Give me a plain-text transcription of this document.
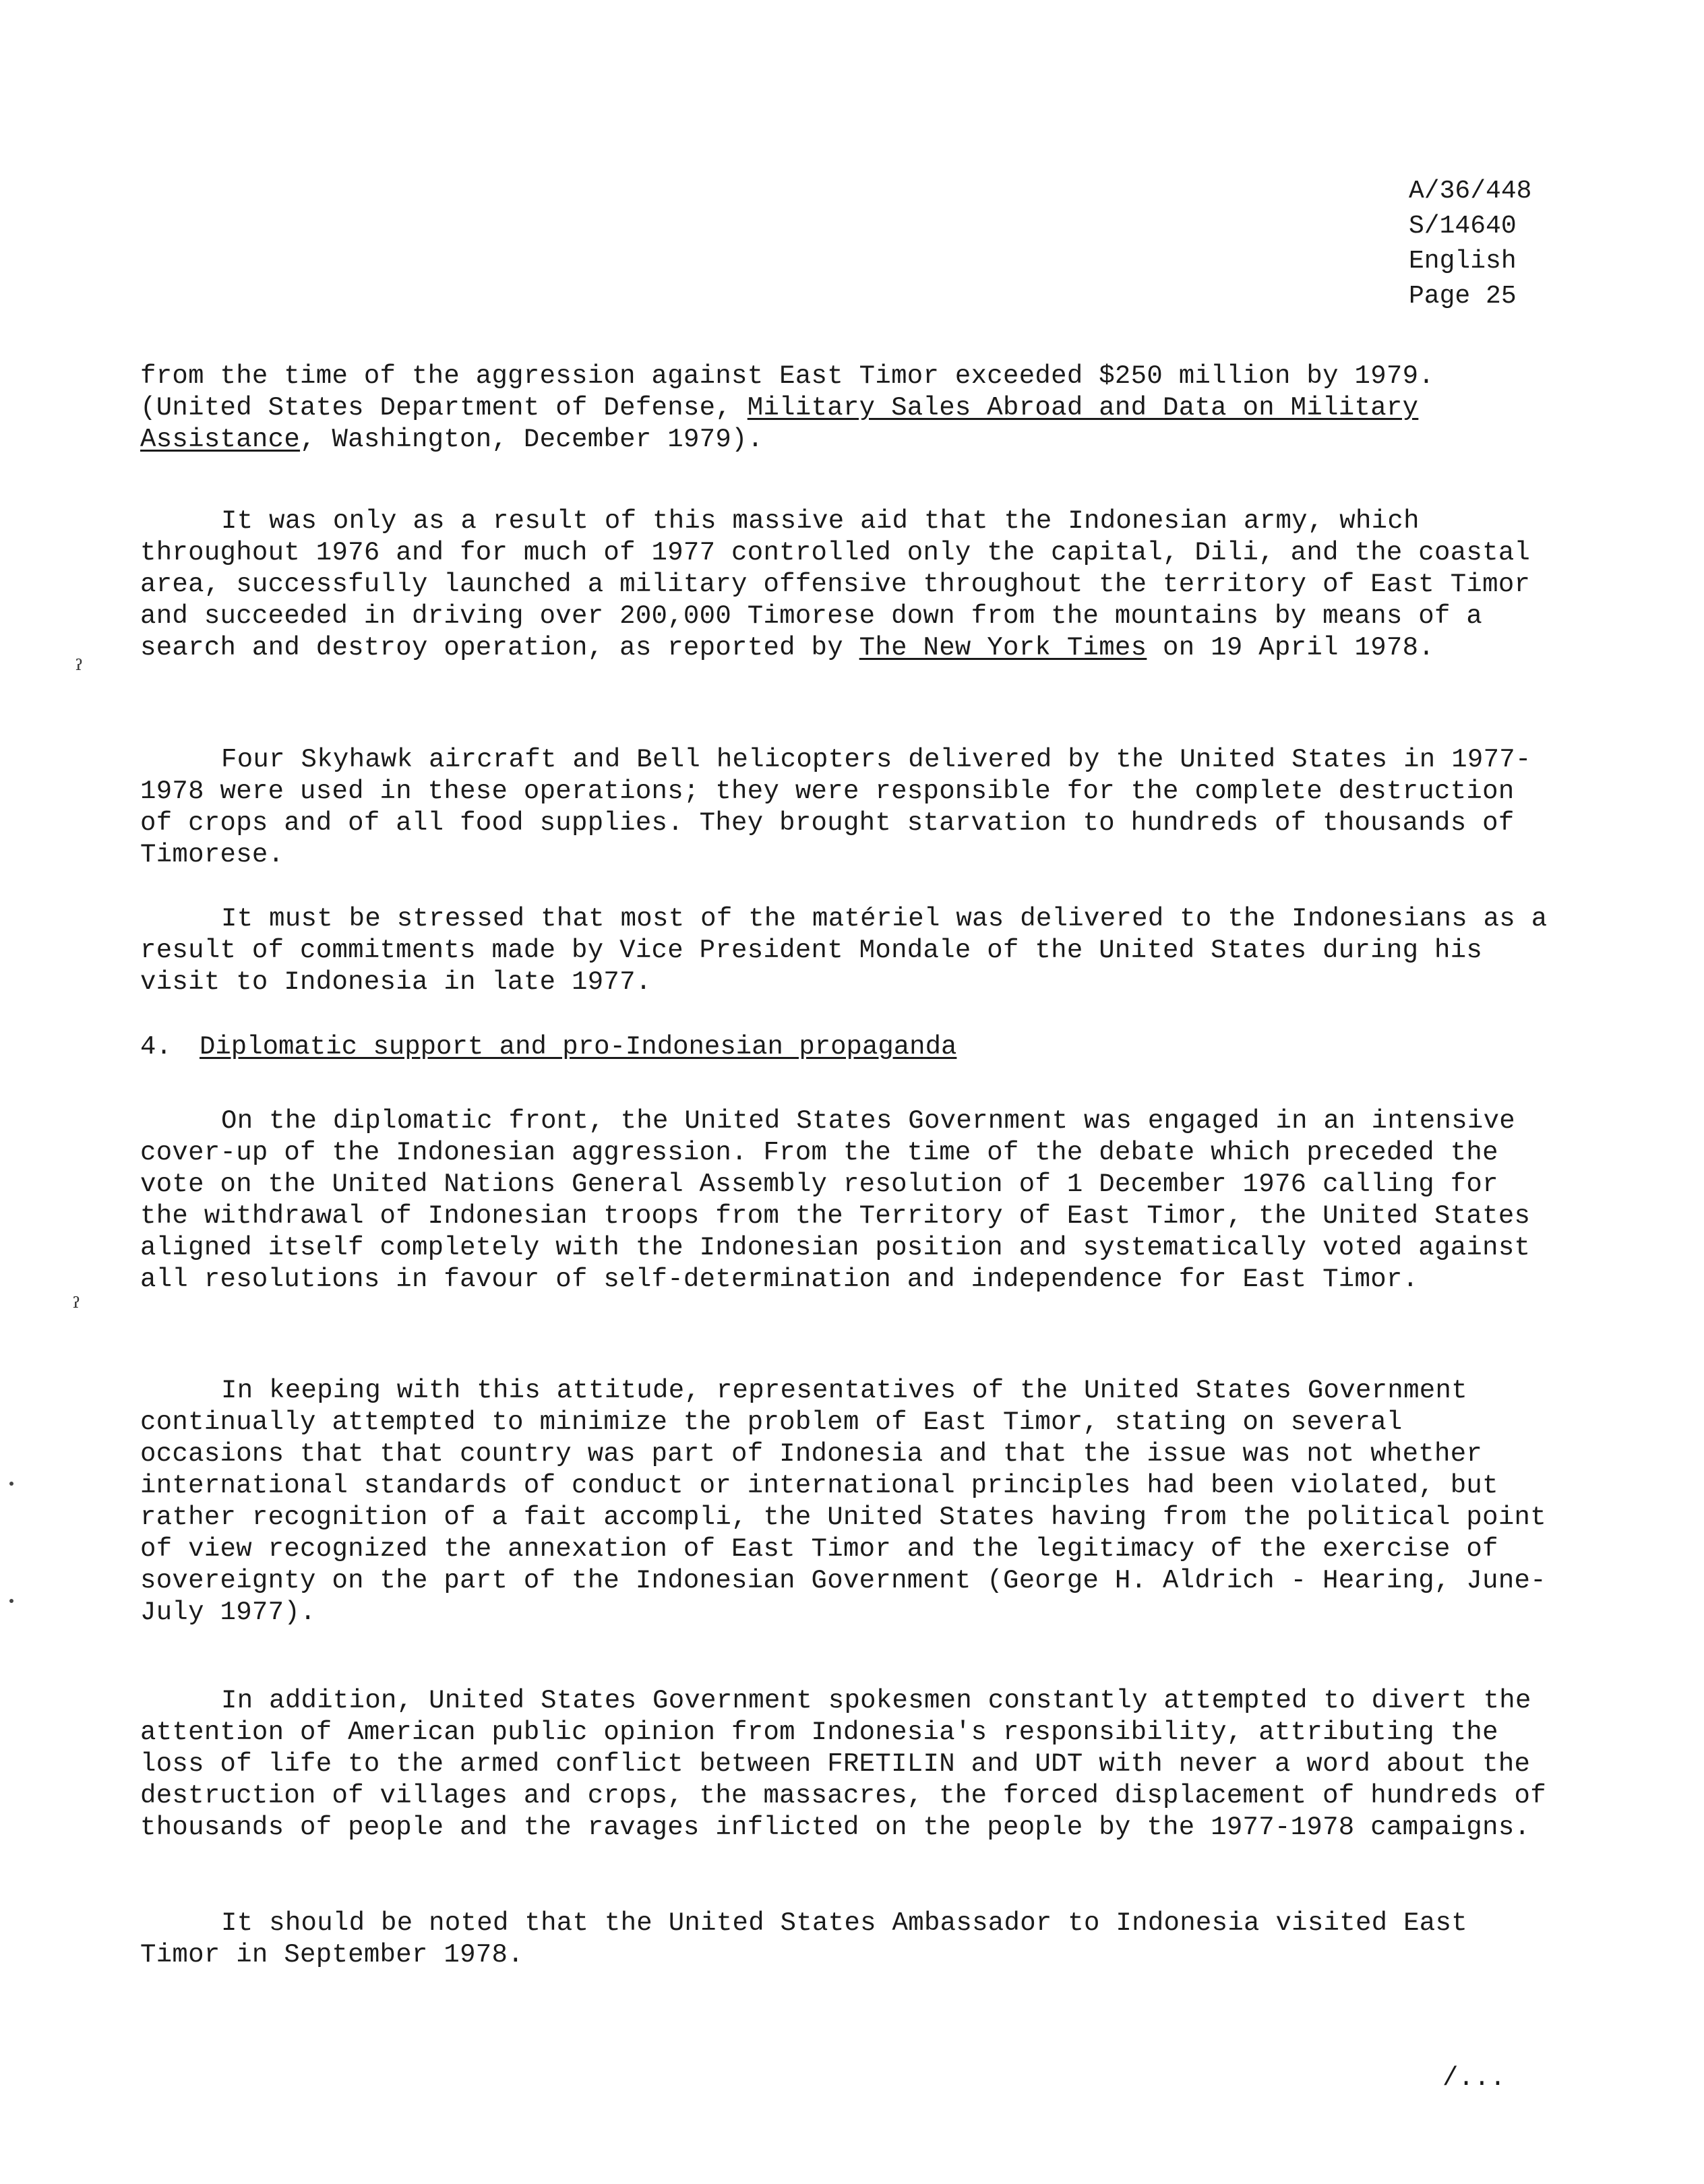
A/36/448
S/14640
English
Page 25

from the time of the aggression against East Timor exceeded $250 million by 1979. (United States Department of Defense, Military Sales Abroad and Data on Military Assistance, Washington, December 1979).

It was only as a result of this massive aid that the Indonesian army, which throughout 1976 and for much of 1977 controlled only the capital, Dili, and the coastal area, successfully launched a military offensive throughout the territory of East Timor and succeeded in driving over 200,000 Timorese down from the mountains by means of a search and destroy operation, as reported by The New York Times on 19 April 1978.

Four Skyhawk aircraft and Bell helicopters delivered by the United States in 1977-1978 were used in these operations; they were responsible for the complete destruction of crops and of all food supplies. They brought starvation to hundreds of thousands of Timorese.

It must be stressed that most of the matériel was delivered to the Indonesians as a result of commitments made by Vice President Mondale of the United States during his visit to Indonesia in late 1977.

4. Diplomatic support and pro-Indonesian propaganda

On the diplomatic front, the United States Government was engaged in an intensive cover-up of the Indonesian aggression. From the time of the debate which preceded the vote on the United Nations General Assembly resolution of 1 December 1976 calling for the withdrawal of Indonesian troops from the Territory of East Timor, the United States aligned itself completely with the Indonesian position and systematically voted against all resolutions in favour of self-determination and independence for East Timor.

In keeping with this attitude, representatives of the United States Government continually attempted to minimize the problem of East Timor, stating on several occasions that that country was part of Indonesia and that the issue was not whether international standards of conduct or international principles had been violated, but rather recognition of a fait accompli, the United States having from the political point of view recognized the annexation of East Timor and the legitimacy of the exercise of sovereignty on the part of the Indonesian Government (George H. Aldrich - Hearing, June-July 1977).

In addition, United States Government spokesmen constantly attempted to divert the attention of American public opinion from Indonesia's responsibility, attributing the loss of life to the armed conflict between FRETILIN and UDT with never a word about the destruction of villages and crops, the massacres, the forced displacement of hundreds of thousands of people and the ravages inflicted on the people by the 1977-1978 campaigns.

It should be noted that the United States Ambassador to Indonesia visited East Timor in September 1978.

/...
ˀ
ˀ
